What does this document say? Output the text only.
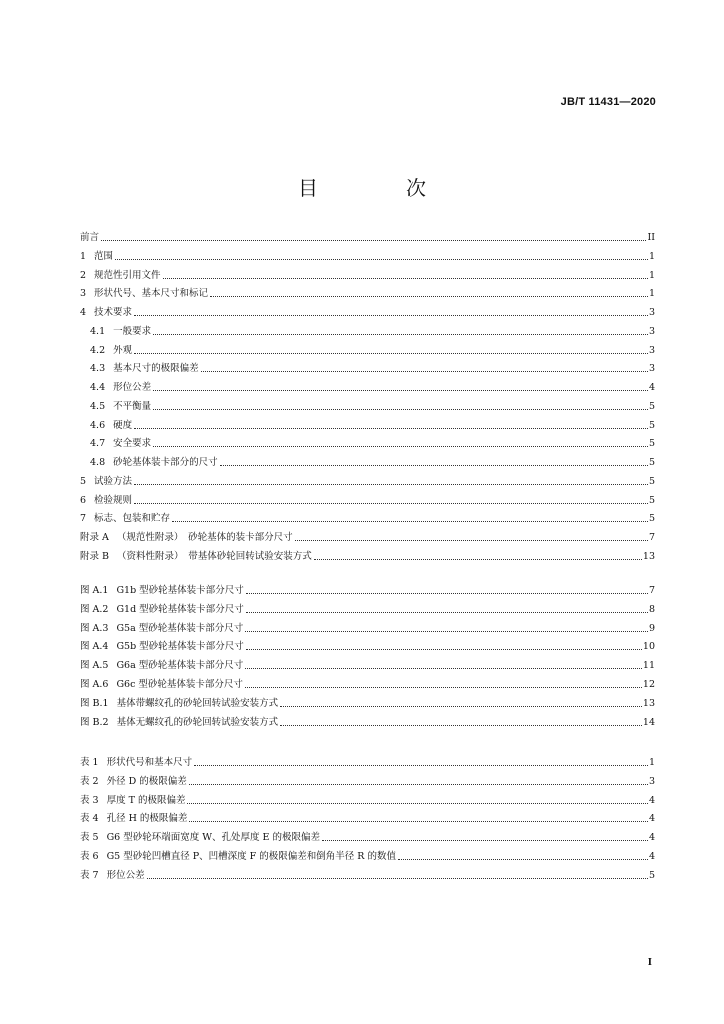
JB/T 11431—2020
目　次
前言	II
1 范围	1
2 规范性引用文件	1
3 形状代号、基本尺寸和标记	1
4 技术要求	3
4.1 一般要求	3
4.2 外观	3
4.3 基本尺寸的极限偏差	3
4.4 形位公差	4
4.5 不平衡量	5
4.6 硬度	5
4.7 安全要求	5
4.8 砂轮基体装卡部分的尺寸	5
5 试验方法	5
6 检验规则	5
7 标志、包装和贮存	5
附录 A （规范性附录）　砂轮基体的装卡部分尺寸	7
附录 B （资料性附录）　带基体砂轮回转试验安装方式	13
图 A.1 G1b 型砂轮基体装卡部分尺寸	7
图 A.2 G1d 型砂轮基体装卡部分尺寸	8
图 A.3 G5a 型砂轮基体装卡部分尺寸	9
图 A.4 G5b 型砂轮基体装卡部分尺寸	10
图 A.5 G6a 型砂轮基体装卡部分尺寸	11
图 A.6 G6c 型砂轮基体装卡部分尺寸	12
图 B.1 基体带螺纹孔的砂轮回转试验安装方式	13
图 B.2 基体无螺纹孔的砂轮回转试验安装方式	14
表 1 形状代号和基本尺寸	1
表 2 外径 D 的极限偏差	3
表 3 厚度 T 的极限偏差	4
表 4 孔径 H 的极限偏差	4
表 5 G6 型砂轮环端面宽度 W、孔处厚度 E 的极限偏差	4
表 6 G5 型砂轮凹槽直径 P、凹槽深度 F 的极限偏差和倒角半径 R 的数值	4
表 7 形位公差	5
I
